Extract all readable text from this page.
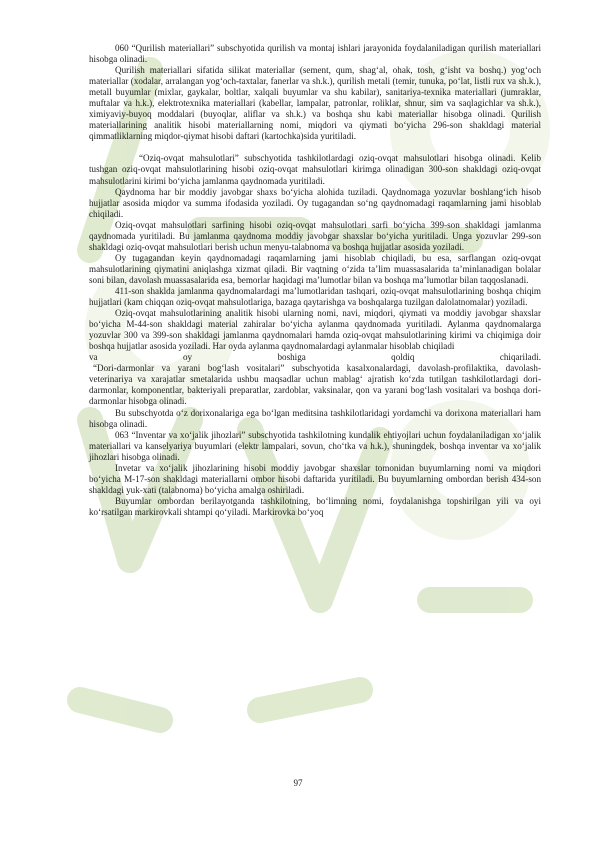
060 “Qurilish materiallari” subschyotida qurilish va montaj ishlari jarayonida foydalaniladigan qurilish materiallari hisobga olinadi.

Qurilish materiallari sifatida silikat materiallar (sement, qum, shag‘al, ohak, tosh, g‘isht va boshq.) yog‘och materiallar (xodalar, arralangan yog‘och-taxtalar, fanerlar va sh.k.), qurilish metali (temir, tunuka, po‘lat, listli rux va sh.k.), metall buyumlar (mixlar, gaykalar, boltlar, xalqali buyumlar va shu kabilar), sanitariya-texnika materiallari (jumraklar, muftalar va h.k.), elektrotexnika materiallari (kabellar, lampalar, patronlar, roliklar, shnur, sim va saqlagichlar va sh.k.), ximiyaviy-buyoq moddalari (buyoqlar, aliflar va sh.k.) va boshqa shu kabi materiallar hisobga olinadi. Qurilish materiallarining analitik hisobi materiallarning nomi, miqdori va qiymati bo‘yicha 296-son shakldagi material qimmatliklarning miqdor-qiymat hisobi daftari (kartochka)sida yuritiladi.

“Oziq-ovqat mahsulotlari” subschyotida tashkilotlardagi oziq-ovqat mahsulotlari hisobga olinadi. Kelib tushgan oziq-ovqat mahsulotlarining hisobi oziq-ovqat mahsulotlari kirimga olinadigan 300-son shakldagi oziq-ovqat mahsulotlarini kirimi bo‘yicha jamlanma qaydnomada yuritiladi.

Qaydnoma har bir moddiy javobgar shaxs bo‘yicha alohida tuziladi. Qaydnomaga yozuvlar boshlang‘ich hisob hujjatlar asosida miqdor va summa ifodasida yoziladi. Oy tugagandan so‘ng qaydnomadagi raqamlarning jami hisoblab chiqiladi.

Oziq-ovqat mahsulotlari sarfining hisobi oziq-ovqat mahsulotlari sarfi bo‘yicha 399-son shakldagi jamlanma qaydnomada yuritiladi. Bu jamlanma qaydnoma moddiy javobgar shaxslar bo‘yicha yuritiladi. Unga yozuvlar 299-son shakldagi oziq-ovqat mahsulotlari berish uchun menyu-talabnoma va boshqa hujjatlar asosida yoziladi.

Oy tugagandan keyin qaydnomadagi raqamlarning jami hisoblab chiqiladi, bu esa, sarflangan oziq-ovqat mahsulotlarining qiymatini aniqlashga xizmat qiladi. Bir vaqtning o‘zida ta’lim muassasalarida ta’minlanadigan bolalar soni bilan, davolash muassasalarida esa, bemorlar haqidagi ma’lumotlar bilan va boshqa ma’lumotlar bilan taqqoslanadi.

411-son shaklda jamlanma qaydnomalardagi ma’lumotlaridan tashqari, oziq-ovqat mahsulotlarining boshqa chiqim hujjatlari (kam chiqqan oziq-ovqat mahsulotlariga, bazaga qaytarishga va boshqalarga tuzilgan dalolatnomalar) yoziladi.

Oziq-ovqat mahsulotlarining analitik hisobi ularning nomi, navi, miqdori, qiymati va moddiy javobgar shaxslar bo‘yicha M-44-son shakldagi material zahiralar bo‘yicha aylanma qaydnomada yuritiladi. Aylanma qaydnomalarga yozuvlar 300 va 399-son shakldagi jamlanma qaydnomalari hamda oziq-ovqat mahsulotlarining kirimi va chiqimiga doir boshqa hujjatlar asosida yoziladi. Har oyda aylanma qaydnomalardagi aylanmalar hisoblab chiqiladi

va oy boshiga qoldiq chiqariladi.

“Dori-darmonlar va yarani bog‘lash vositalari” subschyotida kasalxonalardagi, davolash-profilaktika, davolash-veterinariya va xarajatlar smetalarida ushbu maqsadlar uchun mablag‘ ajratish ko‘zda tutilgan tashkilotlardagi dori-darmonlar, komponentlar, bakteriyali preparatlar, zardoblar, vaksinalar, qon va yarani bog‘lash vositalari va boshqa dori-darmonlar hisobga olinadi.

Bu subschyotda o‘z dorixonalariga ega bo‘lgan meditsina tashkilotlaridagi yordamchi va dorixona materiallari ham hisobga olinadi.

063 “Inventar va xo‘jalik jihozlari” subschyotida tashkilotning kundalik ehtiyojlari uchun foydalaniladigan xo‘jalik materiallari va kanselyariya buyumlari (elektr lampalari, sovun, cho‘tka va h.k.), shuningdek, boshqa inventar va xo‘jalik jihozlari hisobga olinadi.

Invetar va xo‘jalik jihozlarining hisobi moddiy javobgar shaxslar tomonidan buyumlarning nomi va miqdori bo‘yicha M-17-son shakldagi materiallarni ombor hisobi daftarida yuritiladi. Bu buyumlarning ombordan berish 434-son shakldagi yuk-xati (talabnoma) bo‘yicha amalga oshiriladi.

Buyumlar ombordan berilayotganda tashkilotning, bo‘limning nomi, foydalanishga topshirilgan yili va oyi ko‘rsatilgan markirovkali shtampi qo‘yiladi. Markirovka bo‘yoq

97
